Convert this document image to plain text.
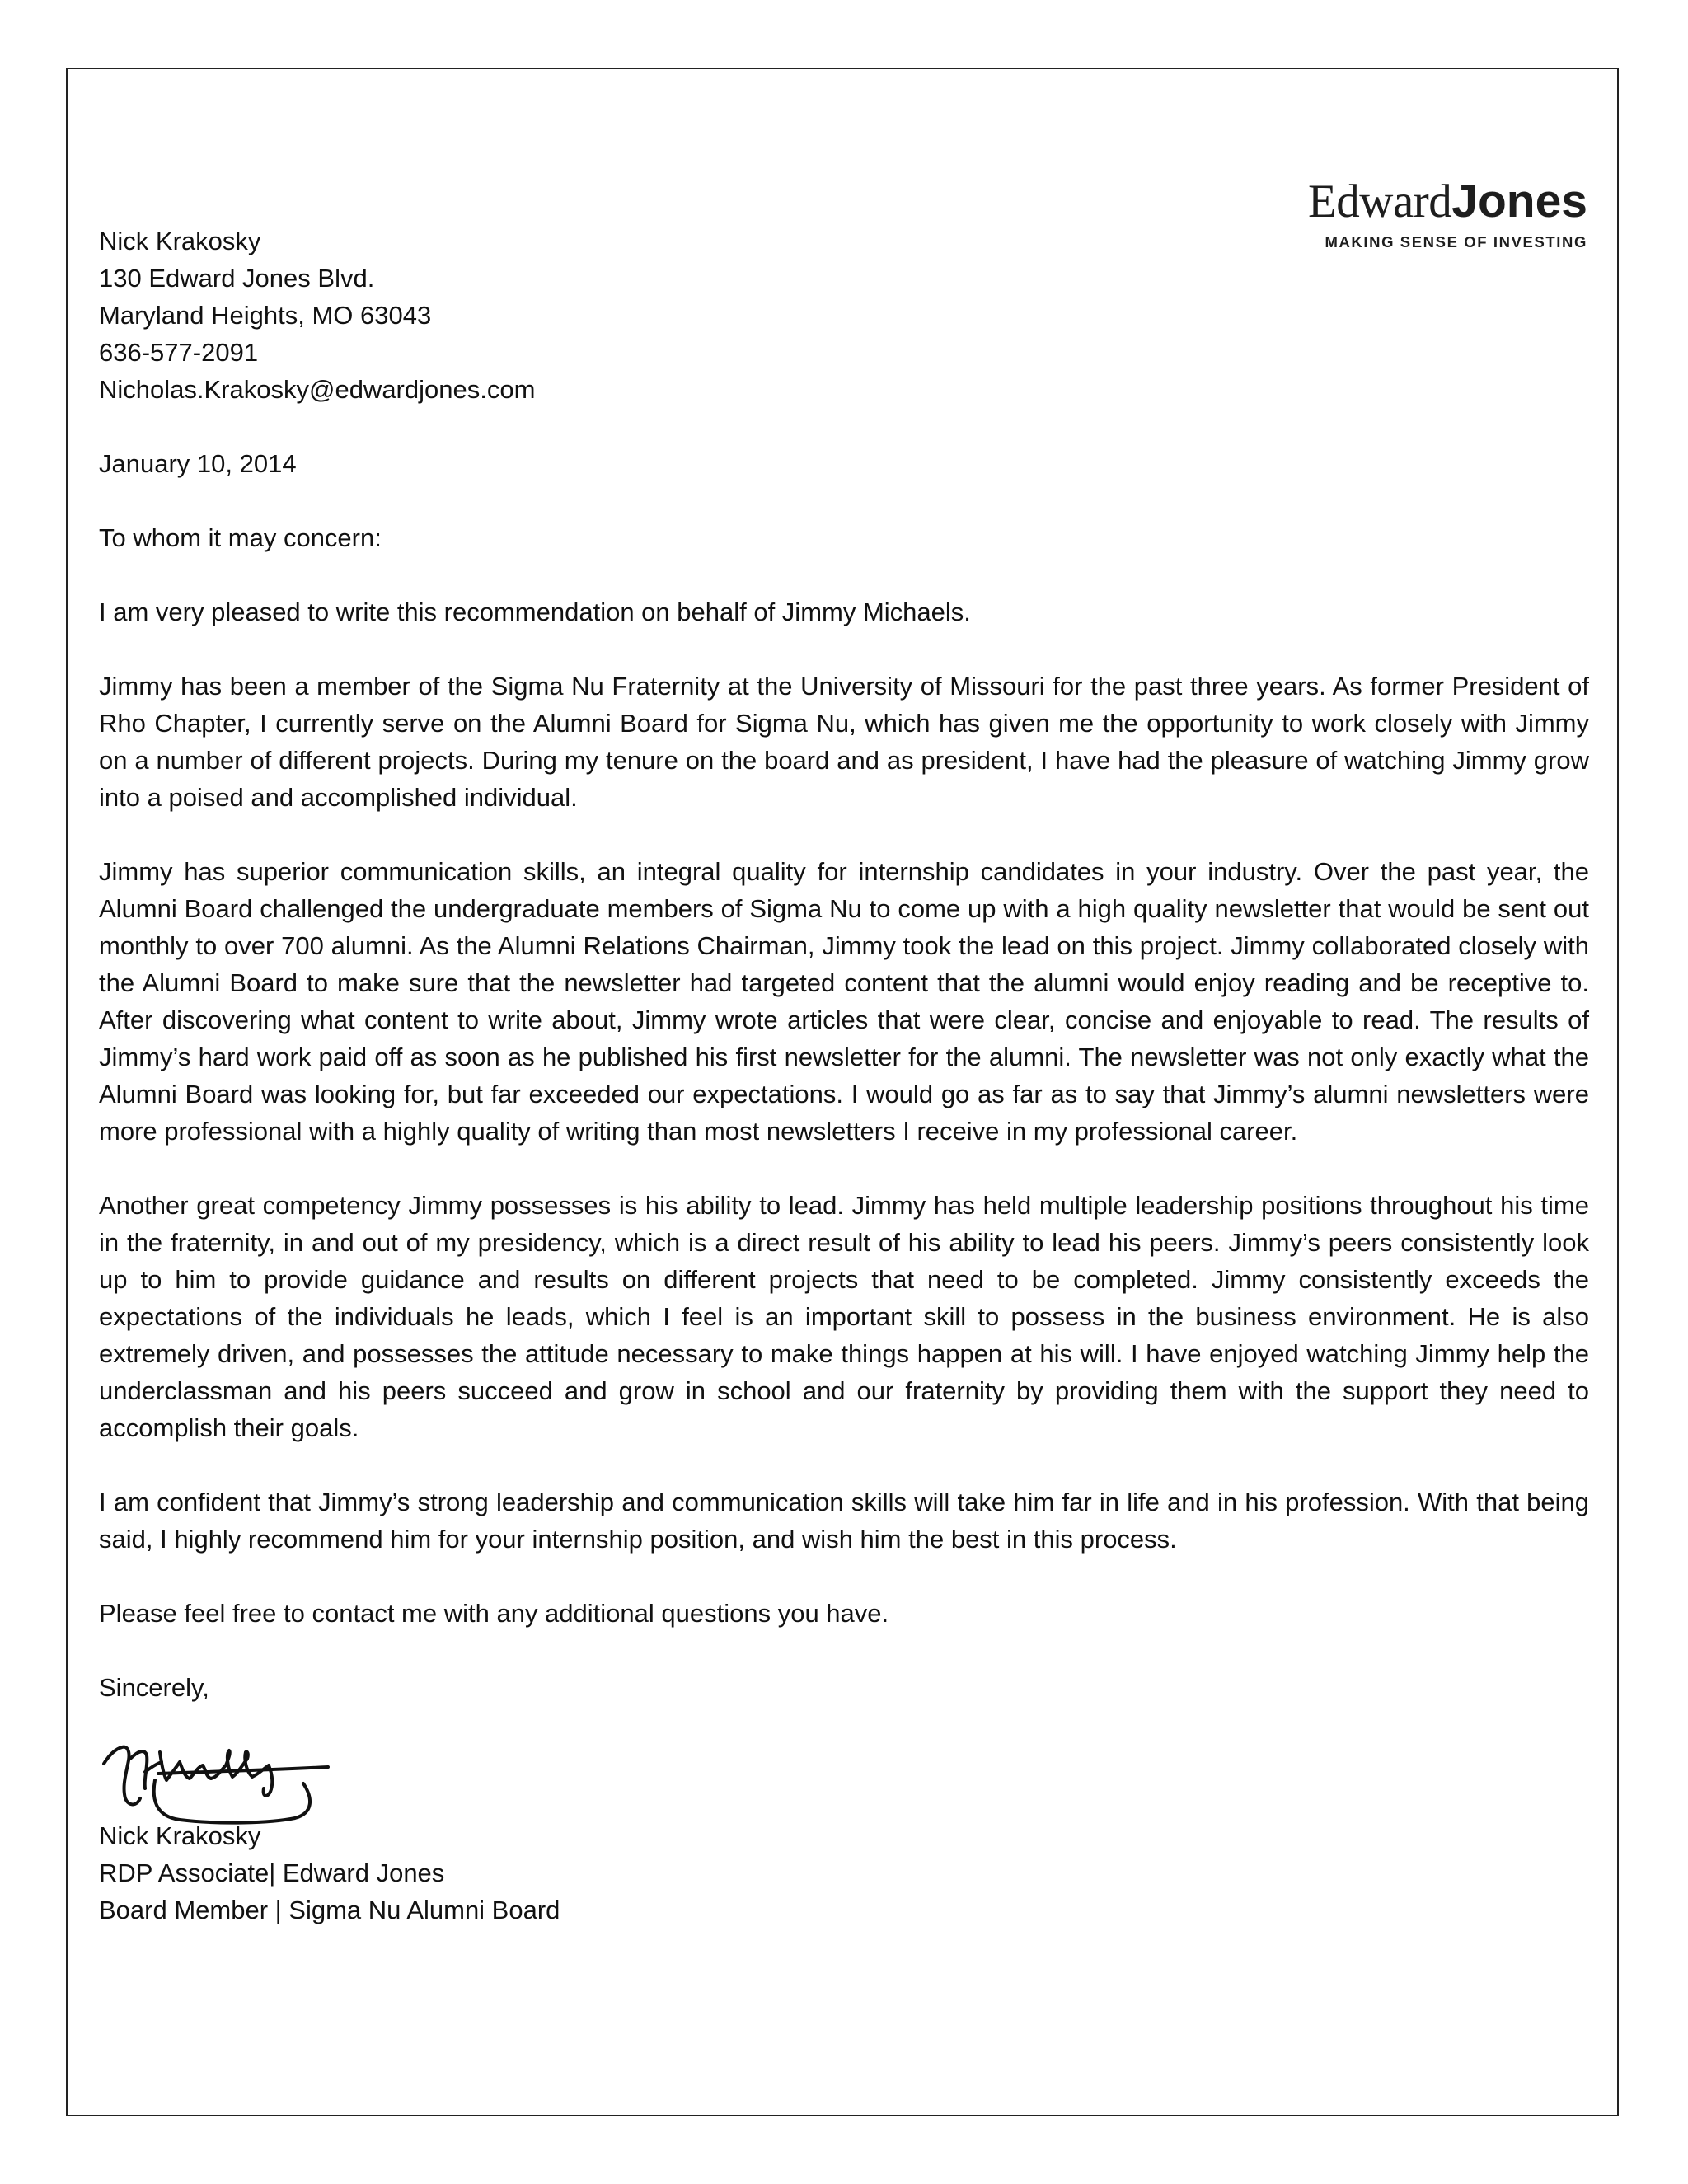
EdwardJones
MAKING SENSE OF INVESTING
Nick Krakosky
130 Edward Jones Blvd.
Maryland Heights, MO 63043
636-577-2091
Nicholas.Krakosky@edwardjones.com
January 10, 2014
To whom it may concern:
I am very pleased to write this recommendation on behalf of Jimmy Michaels.
Jimmy has been a member of the Sigma Nu Fraternity at the University of Missouri for the past three years. As former President of Rho Chapter, I currently serve on the Alumni Board for Sigma Nu, which has given me the opportunity to work closely with Jimmy on a number of different projects. During my tenure on the board and as president, I have had the pleasure of watching Jimmy grow into a poised and accomplished individual.
Jimmy has superior communication skills, an integral quality for internship candidates in your industry. Over the past year, the Alumni Board challenged the undergraduate members of Sigma Nu to come up with a high quality newsletter that would be sent out monthly to over 700 alumni. As the Alumni Relations Chairman, Jimmy took the lead on this project. Jimmy collaborated closely with the Alumni Board to make sure that the newsletter had targeted content that the alumni would enjoy reading and be receptive to. After discovering what content to write about, Jimmy wrote articles that were clear, concise and enjoyable to read. The results of Jimmy’s hard work paid off as soon as he published his first newsletter for the alumni. The newsletter was not only exactly what the Alumni Board was looking for, but far exceeded our expectations. I would go as far as to say that Jimmy’s alumni newsletters were more professional with a highly quality of writing than most newsletters I receive in my professional career.
Another great competency Jimmy possesses is his ability to lead. Jimmy has held multiple leadership positions throughout his time in the fraternity, in and out of my presidency, which is a direct result of his ability to lead his peers. Jimmy’s peers consistently look up to him to provide guidance and results on different projects that need to be completed. Jimmy consistently exceeds the expectations of the individuals he leads, which I feel is an important skill to possess in the business environment. He is also extremely driven, and possesses the attitude necessary to make things happen at his will. I have enjoyed watching Jimmy help the underclassman and his peers succeed and grow in school and our fraternity by providing them with the support they need to accomplish their goals.
I am confident that Jimmy’s strong leadership and communication skills will take him far in life and in his profession. With that being said, I highly recommend him for your internship position, and wish him the best in this process.
Please feel free to contact me with any additional questions you have.
Sincerely,
Nick Krakosky
RDP Associate| Edward Jones
Board Member | Sigma Nu Alumni Board
